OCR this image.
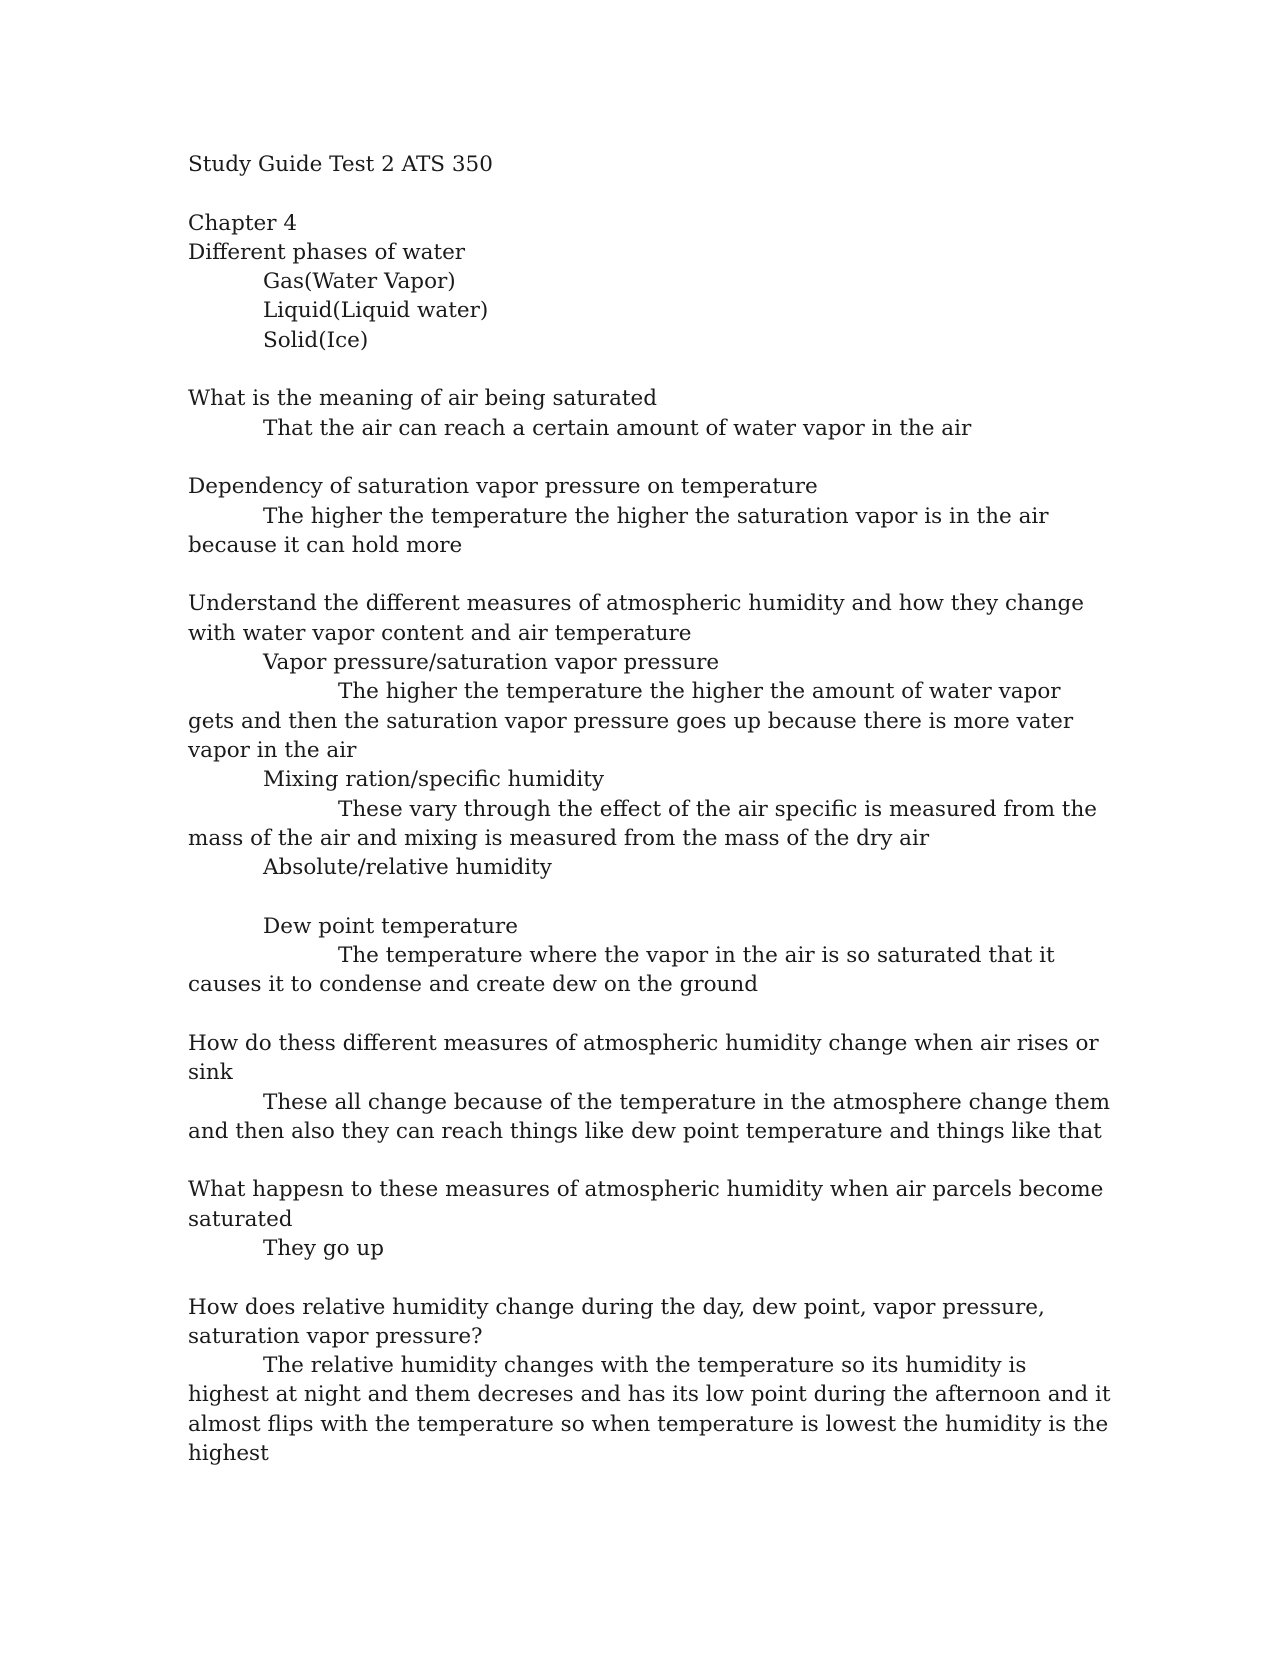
Study Guide Test 2 ATS 350
Chapter 4
Different phases of water
Gas(Water Vapor)
Liquid(Liquid water)
Solid(Ice)
What is the meaning of air being saturated
That the air can reach a certain amount of water vapor in the air
Dependency of saturation vapor pressure on temperature
The higher the temperature the higher the saturation vapor is in the air
because it can hold more
Understand the different measures of atmospheric humidity and how they change
with water vapor content and air temperature
Vapor pressure/saturation vapor pressure
The higher the temperature the higher the amount of water vapor
gets and then the saturation vapor pressure goes up because there is more vater
vapor in the air
Mixing ration/specific humidity
These vary through the effect of the air specific is measured from the
mass of the air and mixing is measured from the mass of the dry air
Absolute/relative humidity
Dew point temperature
The temperature where the vapor in the air is so saturated that it
causes it to condense and create dew on the ground
How do thess different measures of atmospheric humidity change when air rises or
sink
These all change because of the temperature in the atmosphere change them
and then also they can reach things like dew point temperature and things like that
What happesn to these measures of atmospheric humidity when air parcels become
saturated
They go up
How does relative humidity change during the day, dew point, vapor pressure,
saturation vapor pressure?
The relative humidity changes with the temperature so its humidity is
highest at night and them decreses and has its low point during the afternoon and it
almost flips with the temperature so when temperature is lowest the humidity is the
highest
